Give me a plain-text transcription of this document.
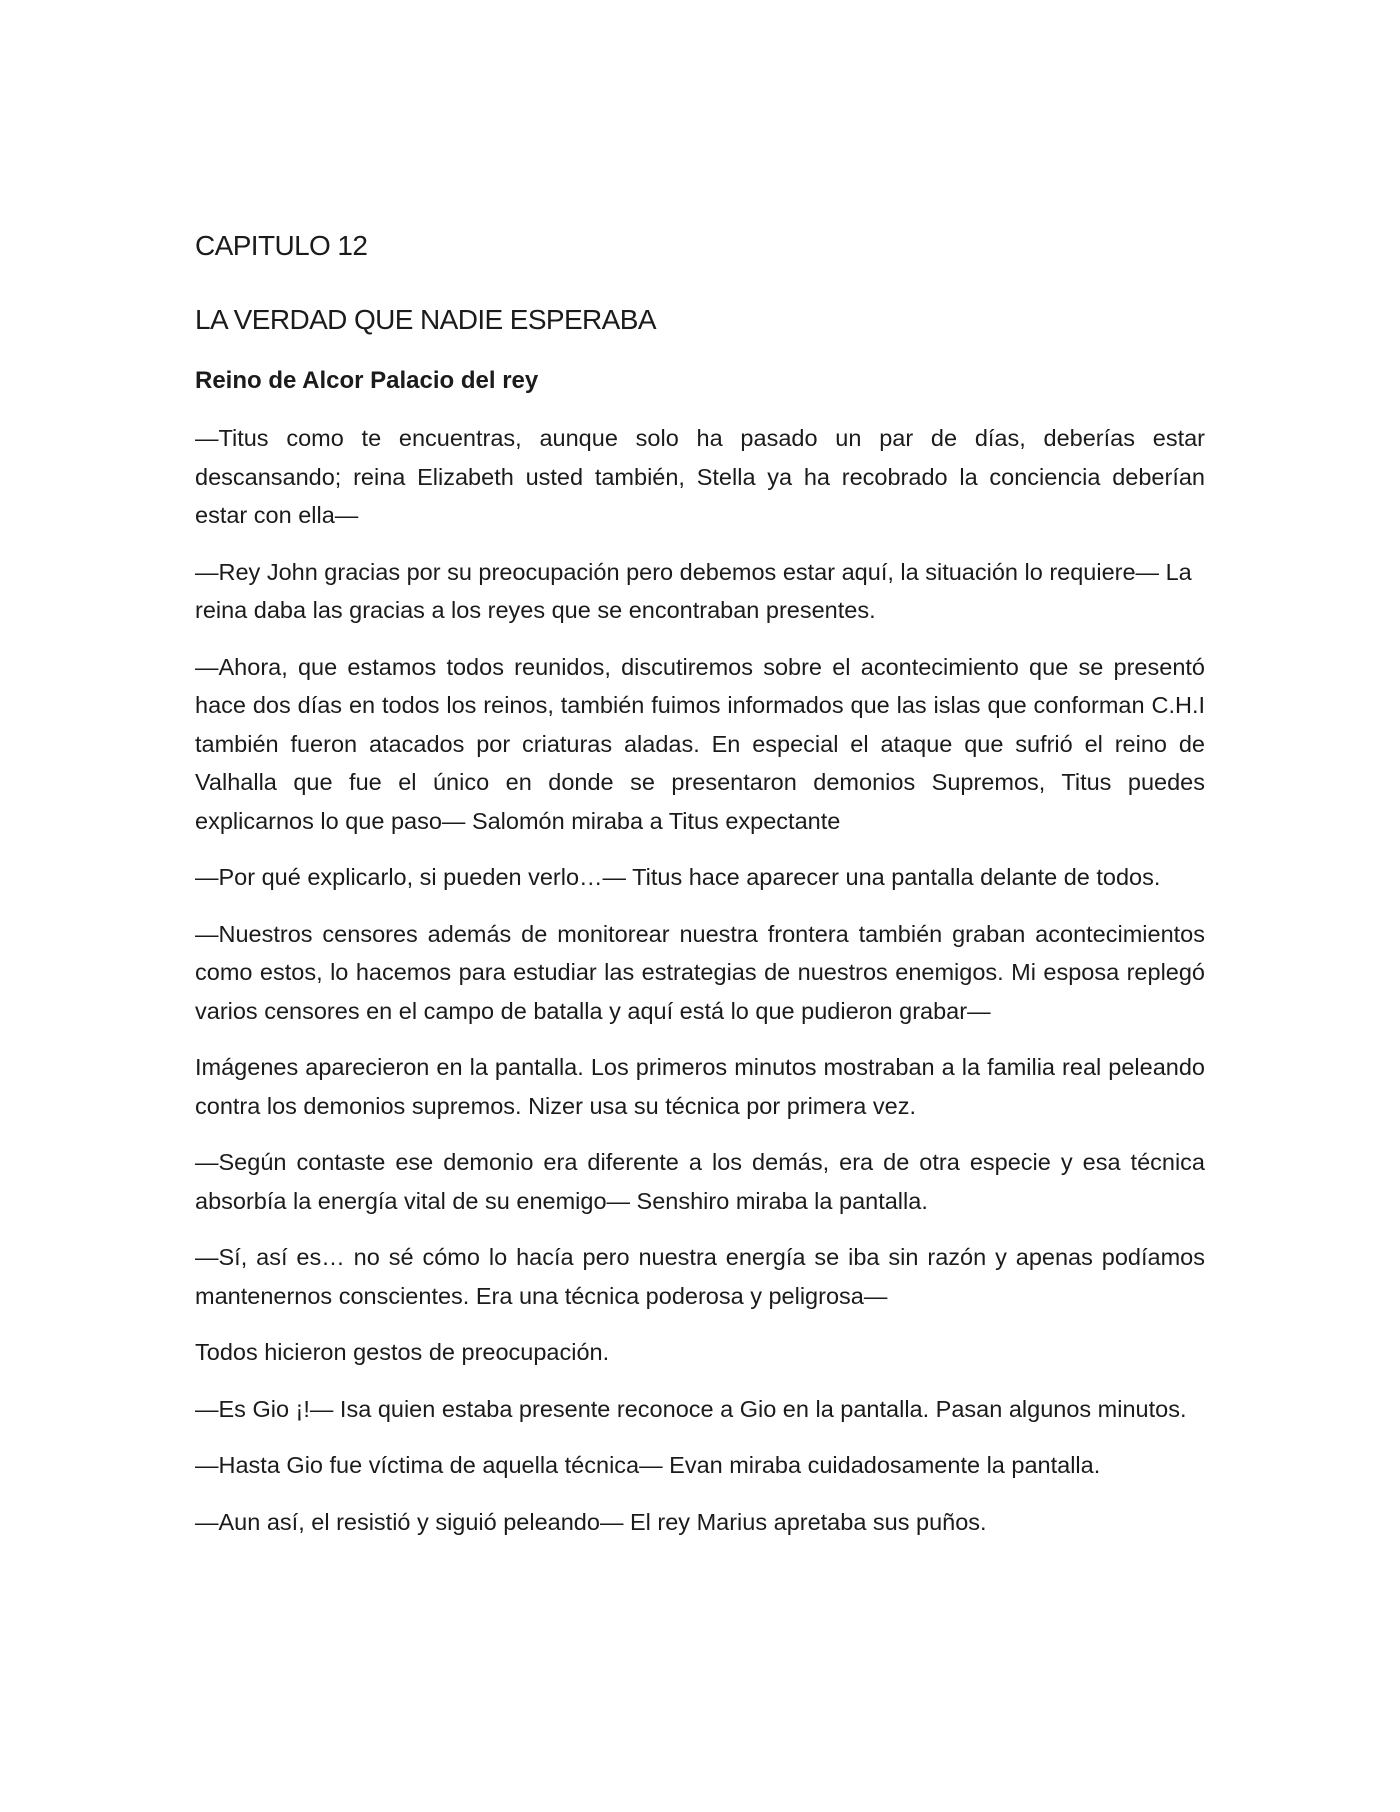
CAPITULO 12
LA VERDAD QUE NADIE ESPERABA
Reino de Alcor Palacio del rey

—Titus como te encuentras, aunque solo ha pasado un par de días, deberías estar descansando; reina Elizabeth usted también, Stella ya ha recobrado la conciencia deberían estar con ella—

—Rey John gracias por su preocupación pero debemos estar aquí, la situación lo requiere— La reina daba las gracias a los reyes que se encontraban presentes.

—Ahora, que estamos todos reunidos, discutiremos sobre el acontecimiento que se presentó hace dos días en todos los reinos, también fuimos informados que las islas que conforman C.H.I también fueron atacados por criaturas aladas. En especial el ataque que sufrió el reino de Valhalla que fue el único en donde se presentaron demonios Supremos, Titus puedes explicarnos lo que paso— Salomón miraba a Titus expectante

—Por qué explicarlo, si pueden verlo…— Titus hace aparecer una pantalla delante de todos.

—Nuestros censores además de monitorear nuestra frontera también graban acontecimientos como estos, lo hacemos para estudiar las estrategias de nuestros enemigos. Mi esposa replegó varios censores en el campo de batalla y aquí está lo que pudieron grabar—

Imágenes aparecieron en la pantalla. Los primeros minutos mostraban a la familia real peleando contra los demonios supremos. Nizer usa su técnica por primera vez.

—Según contaste ese demonio era diferente a los demás, era de otra especie y esa técnica absorbía la energía vital de su enemigo— Senshiro miraba la pantalla.

—Sí, así es… no sé cómo lo hacía pero nuestra energía se iba sin razón y apenas podíamos mantenernos conscientes. Era una técnica poderosa y peligrosa—

Todos hicieron gestos de preocupación.

—Es Gio ¡!— Isa quien estaba presente reconoce a Gio en la pantalla. Pasan algunos minutos.

—Hasta Gio fue víctima de aquella técnica— Evan miraba cuidadosamente la pantalla.

—Aun así, el resistió y siguió peleando— El rey Marius apretaba sus puños.
